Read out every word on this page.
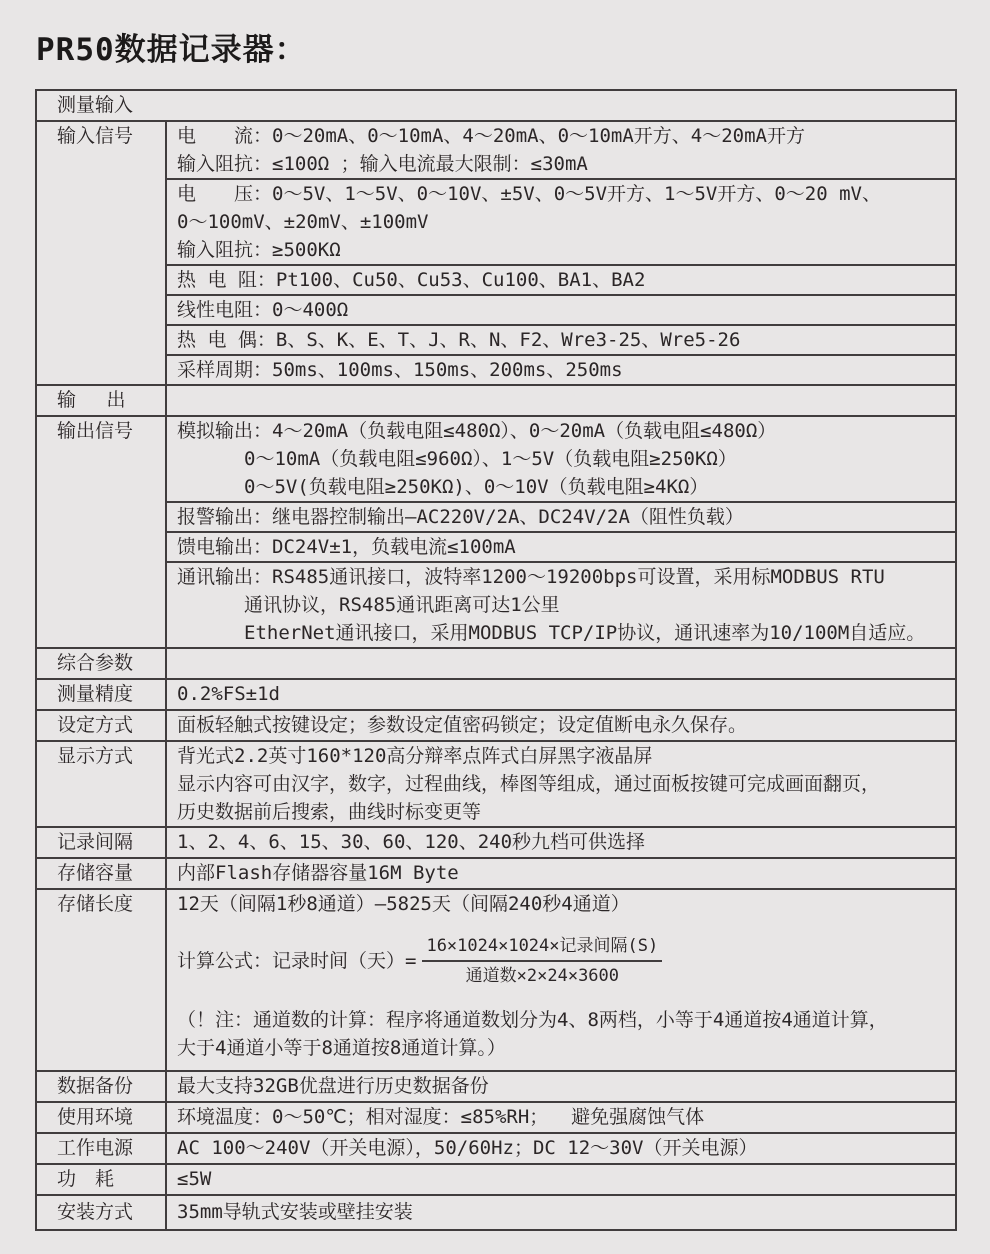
PR50数据记录器：
测量输入
输入信号	电　　流：0～20mA、0～10mA、4～20mA、0～10mA开方、4～20mA开方
输入阻抗：≤100Ω ；输入电流最大限制：≤30mA
电　　压：0～5V、1～5V、0～10V、±5V、0～5V开方、1～5V开方、0～20 mV、
0～100mV、±20mV、±100mV
输入阻抗：≥500KΩ
热 电 阻：Pt100、Cu50、Cu53、Cu100、BA1、BA2
线性电阻：0～400Ω
热 电 偶：B、S、K、E、T、J、R、N、F2、Wre3-25、Wre5-26
采样周期：50ms、100ms、150ms、200ms、250ms
输　 出
输出信号	模拟输出：4～20mA（负载电阻≤480Ω）、0～20mA（负载电阻≤480Ω）
0～10mA（负载电阻≤960Ω）、1～5V（负载电阻≥250KΩ）
0～5V(负载电阻≥250KΩ)、0～10V（负载电阻≥4KΩ）
报警输出：继电器控制输出—AC220V/2A、DC24V/2A（阻性负载）
馈电输出：DC24V±1，负载电流≤100mA
通讯输出：RS485通讯接口，波特率1200～19200bps可设置，采用标MODBUS RTU
通讯协议，RS485通讯距离可达1公里
EtherNet通讯接口，采用MODBUS TCP/IP协议，通讯速率为10/100M自适应。
综合参数
测量精度	0.2%FS±1d
设定方式	面板轻触式按键设定；参数设定值密码锁定；设定值断电永久保存。
显示方式	背光式2.2英寸160*120高分辩率点阵式白屏黑字液晶屏
显示内容可由汉字，数字，过程曲线，棒图等组成，通过面板按键可完成画面翻页，
历史数据前后搜索，曲线时标变更等
记录间隔	1、2、4、6、15、30、60、120、240秒九档可供选择
存储容量	内部Flash存储器容量16M Byte
存储长度	12天（间隔1秒8通道）—5825天（间隔240秒4通道）
计算公式：记录时间（天）= $\frac{\text{16×1024×1024×记录间隔(S)}}{\text{通道数×2×24×3600}}$
（！注：通道数的计算：程序将通道数划分为4、8两档，小等于4通道按4通道计算，
大于4通道小等于8通道按8通道计算。）
数据备份	最大支持32GB优盘进行历史数据备份
使用环境	环境温度：0～50℃；相对湿度：≤85%RH；  避免强腐蚀气体
工作电源	AC 100～240V（开关电源），50/60Hz；DC 12～30V（开关电源）
功　耗	≤5W
安装方式	35mm导轨式安装或壁挂安装
